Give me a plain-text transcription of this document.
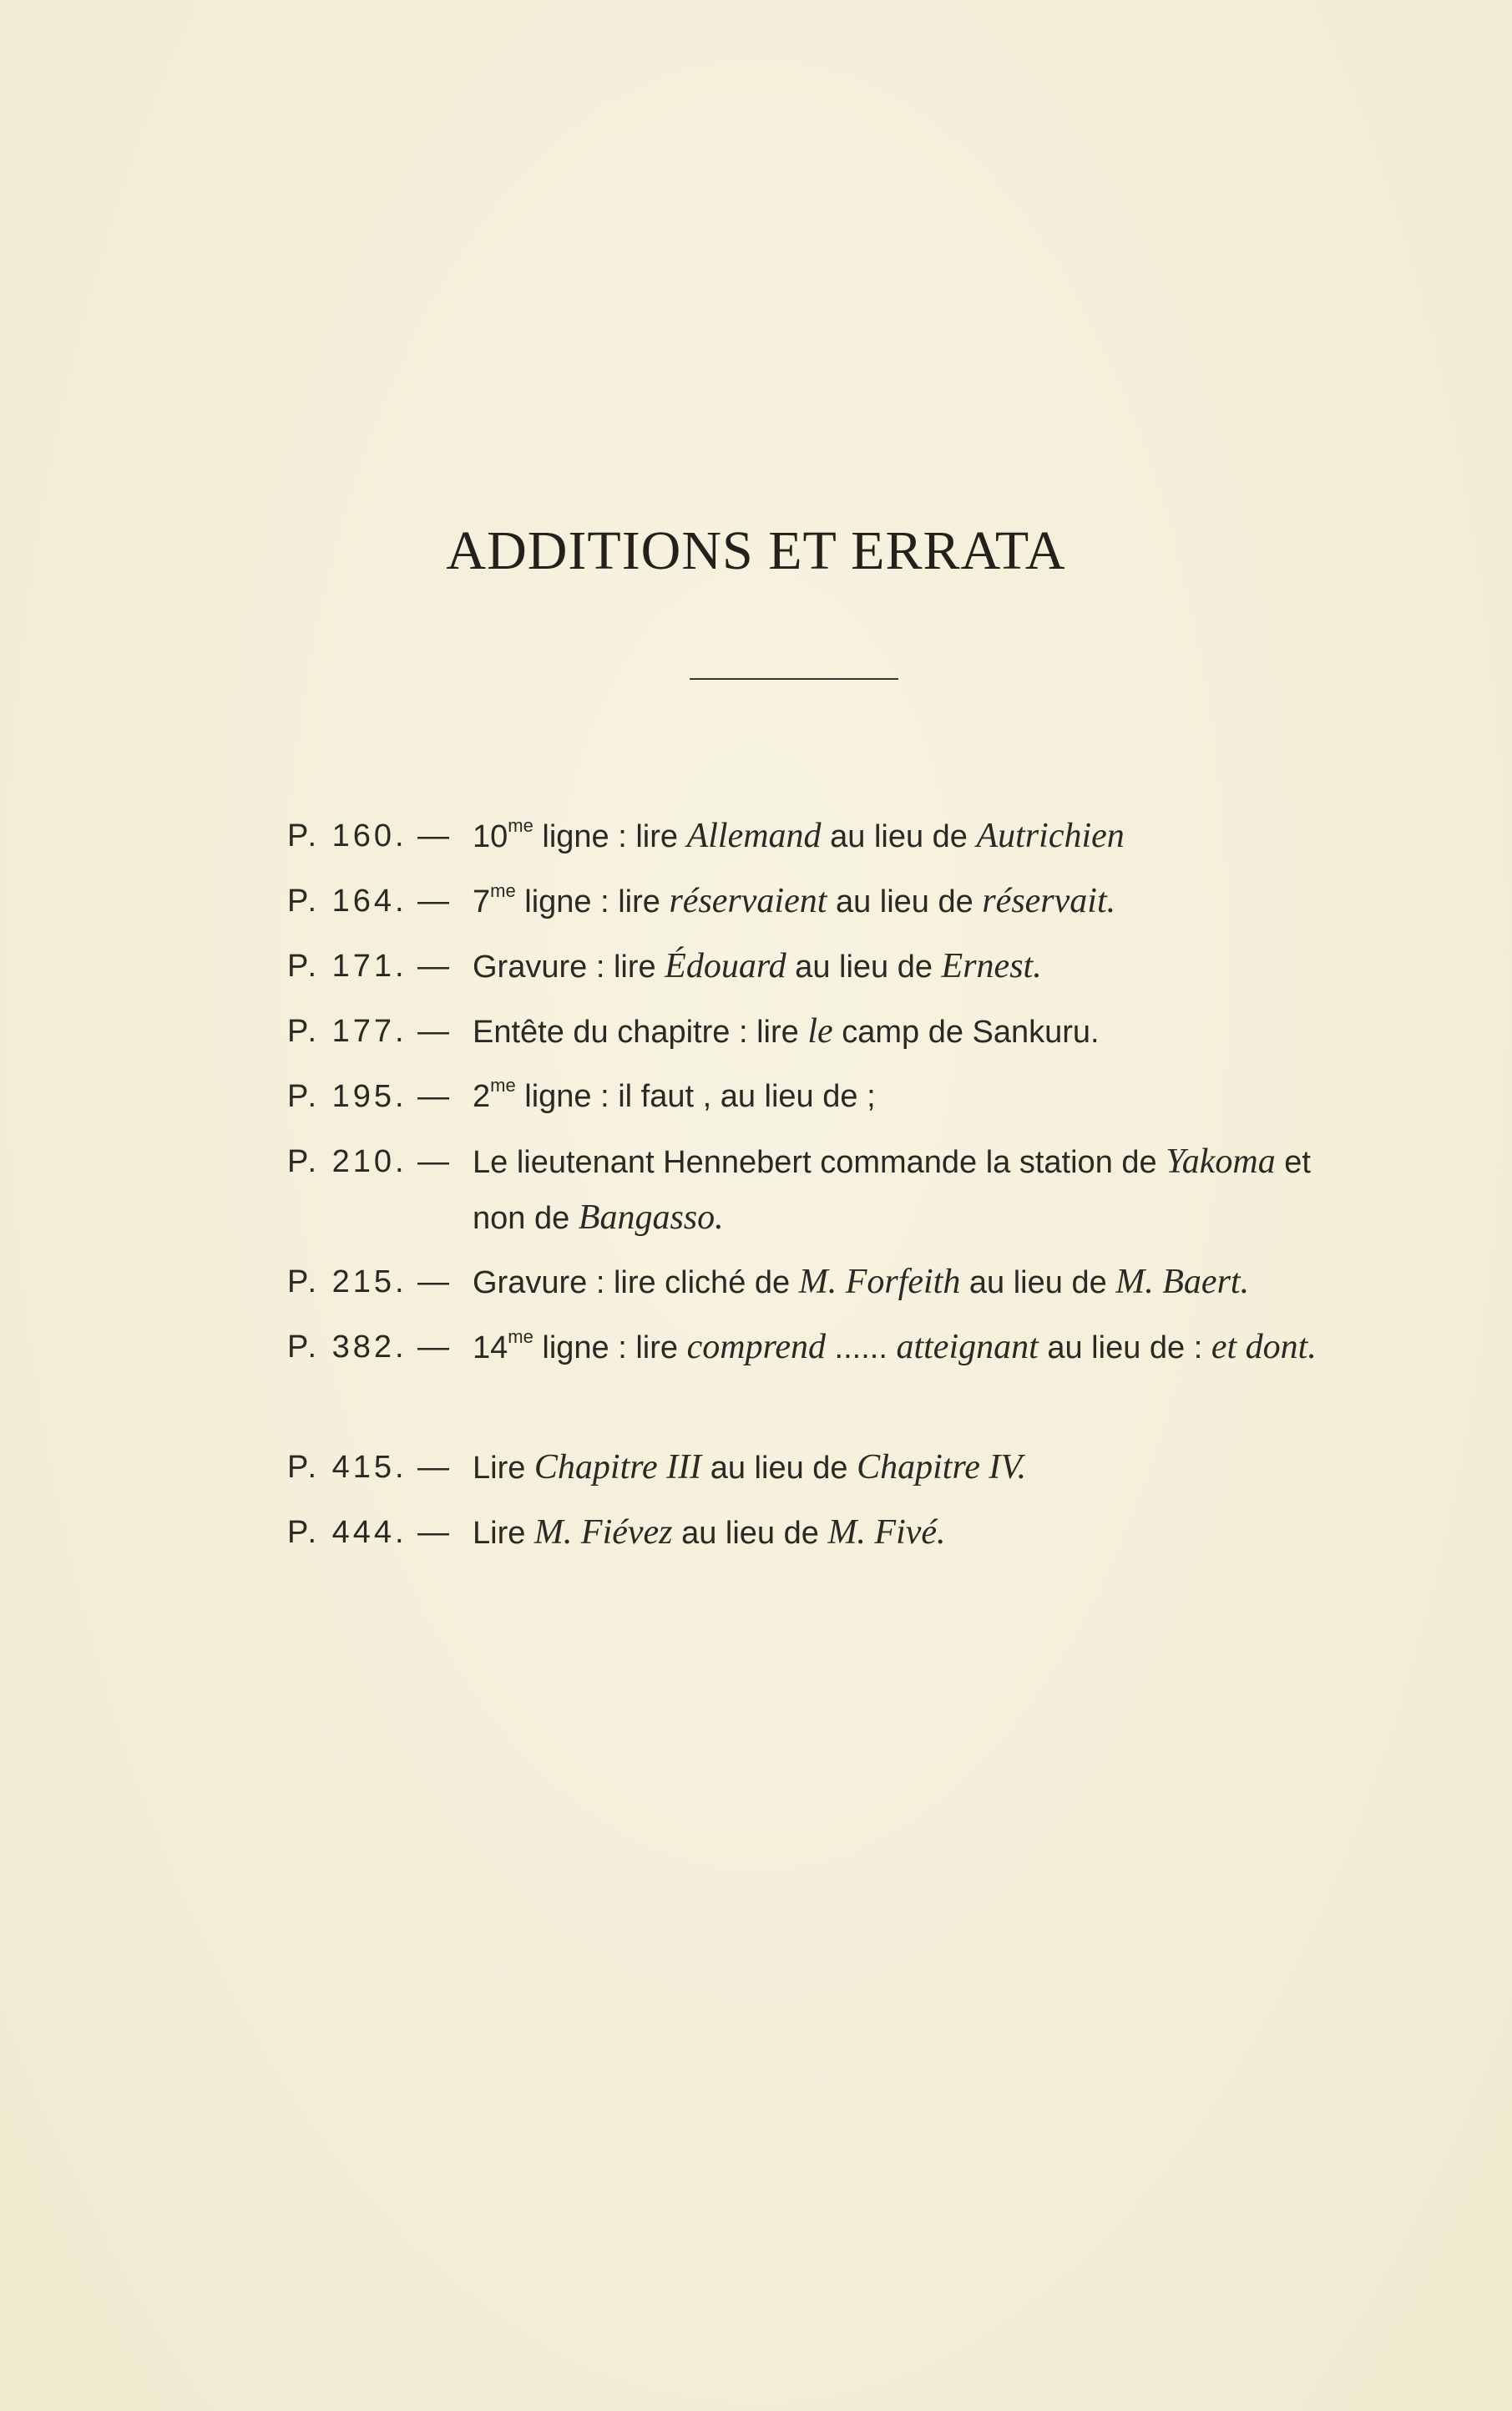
ADDITIONS ET ERRATA
P. 160. — $10^{me}$ ligne : lire Allemand au lieu de Autrichien
P. 164. — $7^{me}$ ligne : lire réservaient au lieu de réservait.
P. 171. — Gravure : lire Édouard au lieu de Ernest.
P. 177. — Entête du chapitre : lire le camp de Sankuru.
P. 195. — $2^{me}$ ligne : il faut , au lieu de ;
P. 210. — Le lieutenant Hennebert commande la station de Yakoma et non de Bangasso.
P. 215. — Gravure : lire cliché de M. Forfeith au lieu de M. Baert.
P. 382. — $14^{me}$ ligne : lire comprend ...... atteignant au lieu de : et dont.
P. 415. — Lire Chapitre III au lieu de Chapitre IV.
P. 444. — Lire M. Fiévez au lieu de M. Fivé.
